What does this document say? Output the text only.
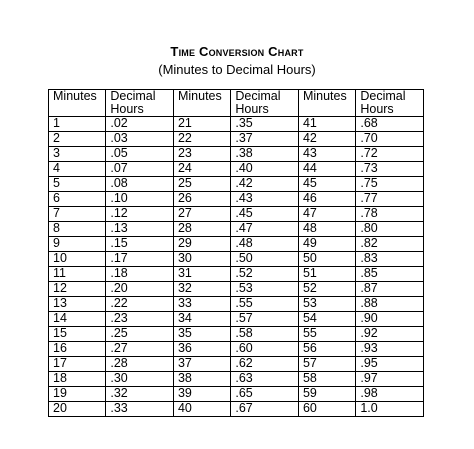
Time Conversion Chart
(Minutes to Decimal Hours)
Minutes	Decimal Hours	Minutes	Decimal Hours	Minutes	Decimal Hours
1	.02	21	.35	41	.68
2	.03	22	.37	42	.70
3	.05	23	.38	43	.72
4	.07	24	.40	44	.73
5	.08	25	.42	45	.75
6	.10	26	.43	46	.77
7	.12	27	.45	47	.78
8	.13	28	.47	48	.80
9	.15	29	.48	49	.82
10	.17	30	.50	50	.83
11	.18	31	.52	51	.85
12	.20	32	.53	52	.87
13	.22	33	.55	53	.88
14	.23	34	.57	54	.90
15	.25	35	.58	55	.92
16	.27	36	.60	56	.93
17	.28	37	.62	57	.95
18	.30	38	.63	58	.97
19	.32	39	.65	59	.98
20	.33	40	.67	60	1.0
